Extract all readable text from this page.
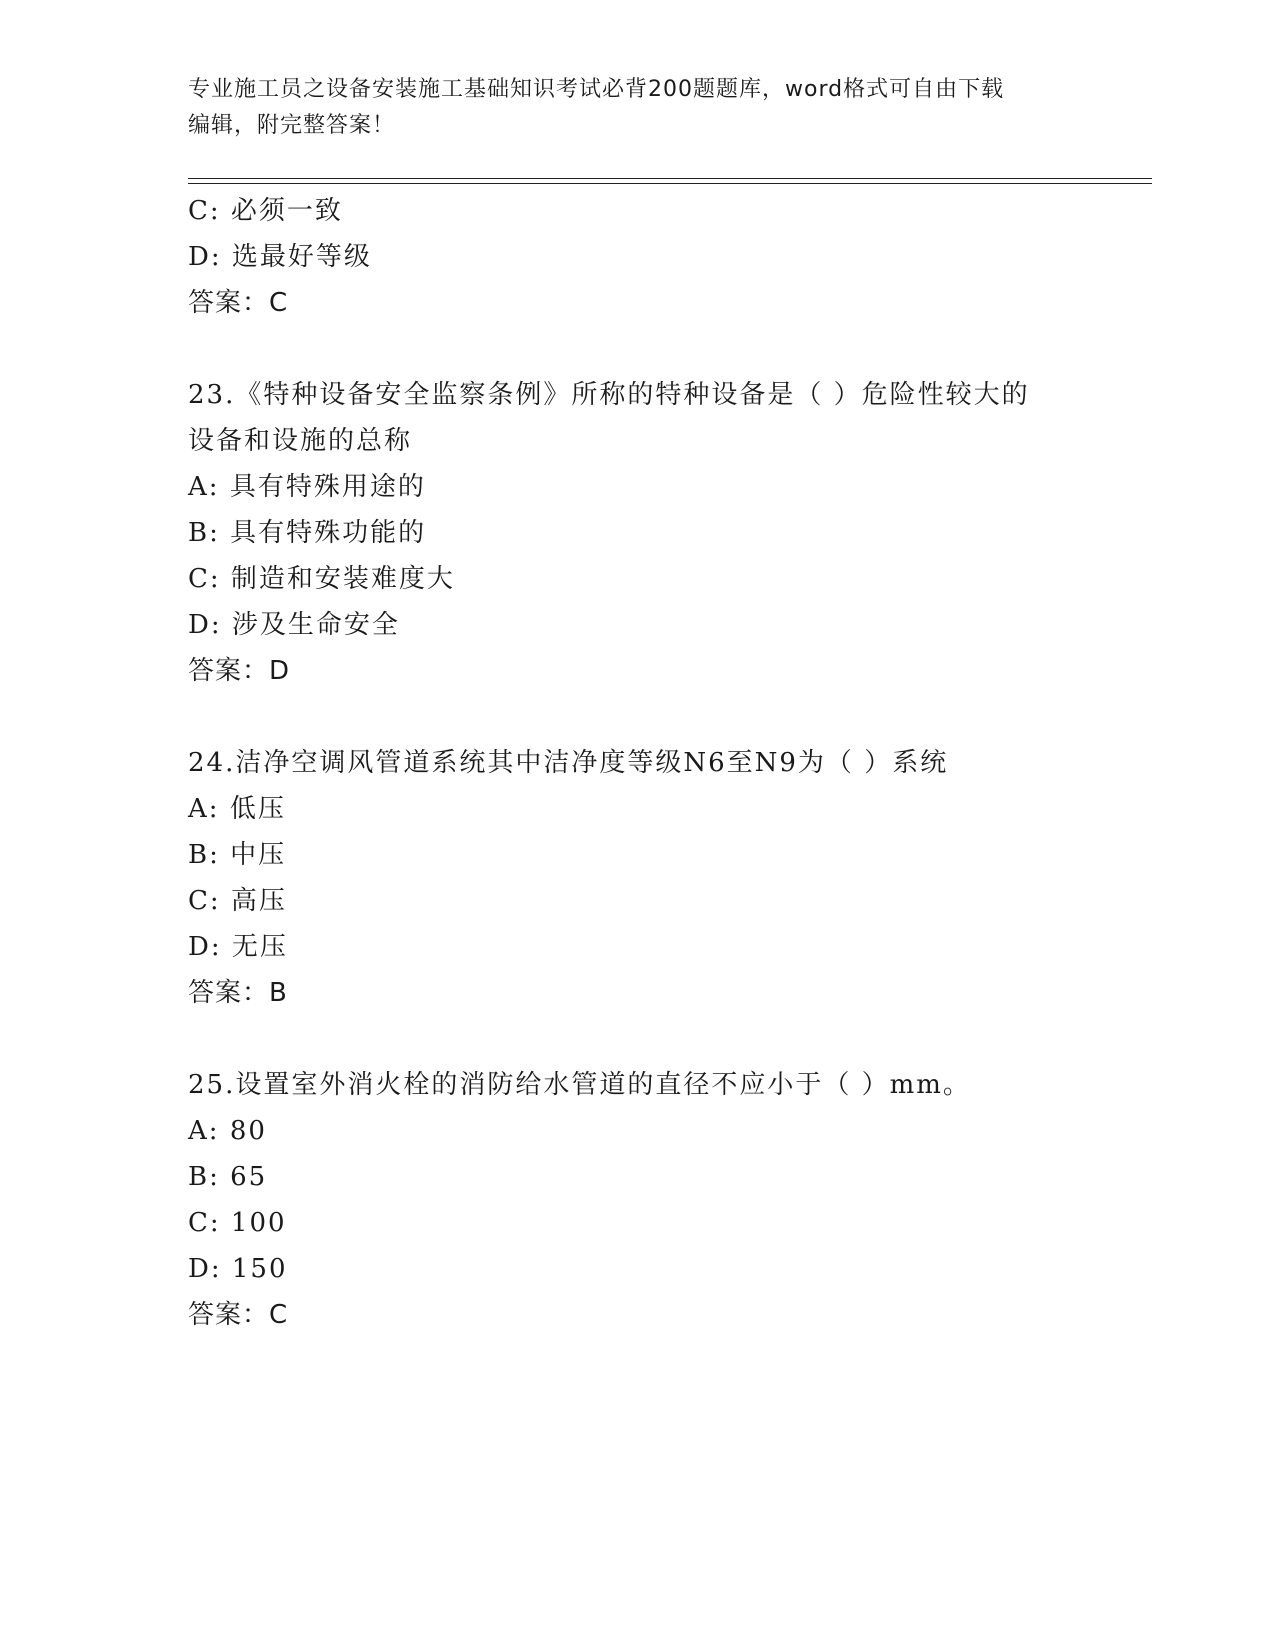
专业施工员之设备安装施工基础知识考试必背200题题库，word格式可自由下载
编辑，附完整答案！
C: 必须一致
D: 选最好等级
答案：C
23.《特种设备安全监察条例》所称的特种设备是（ ）危险性较大的
设备和设施的总称
A: 具有特殊用途的
B: 具有特殊功能的
C: 制造和安装难度大
D: 涉及生命安全
答案：D
24.洁净空调风管道系统其中洁净度等级N6至N9为（ ）系统
A: 低压
B: 中压
C: 高压
D: 无压
答案：B
25.设置室外消火栓的消防给水管道的直径不应小于（ ）mm。
A: 80
B: 65
C: 100
D: 150
答案：C
